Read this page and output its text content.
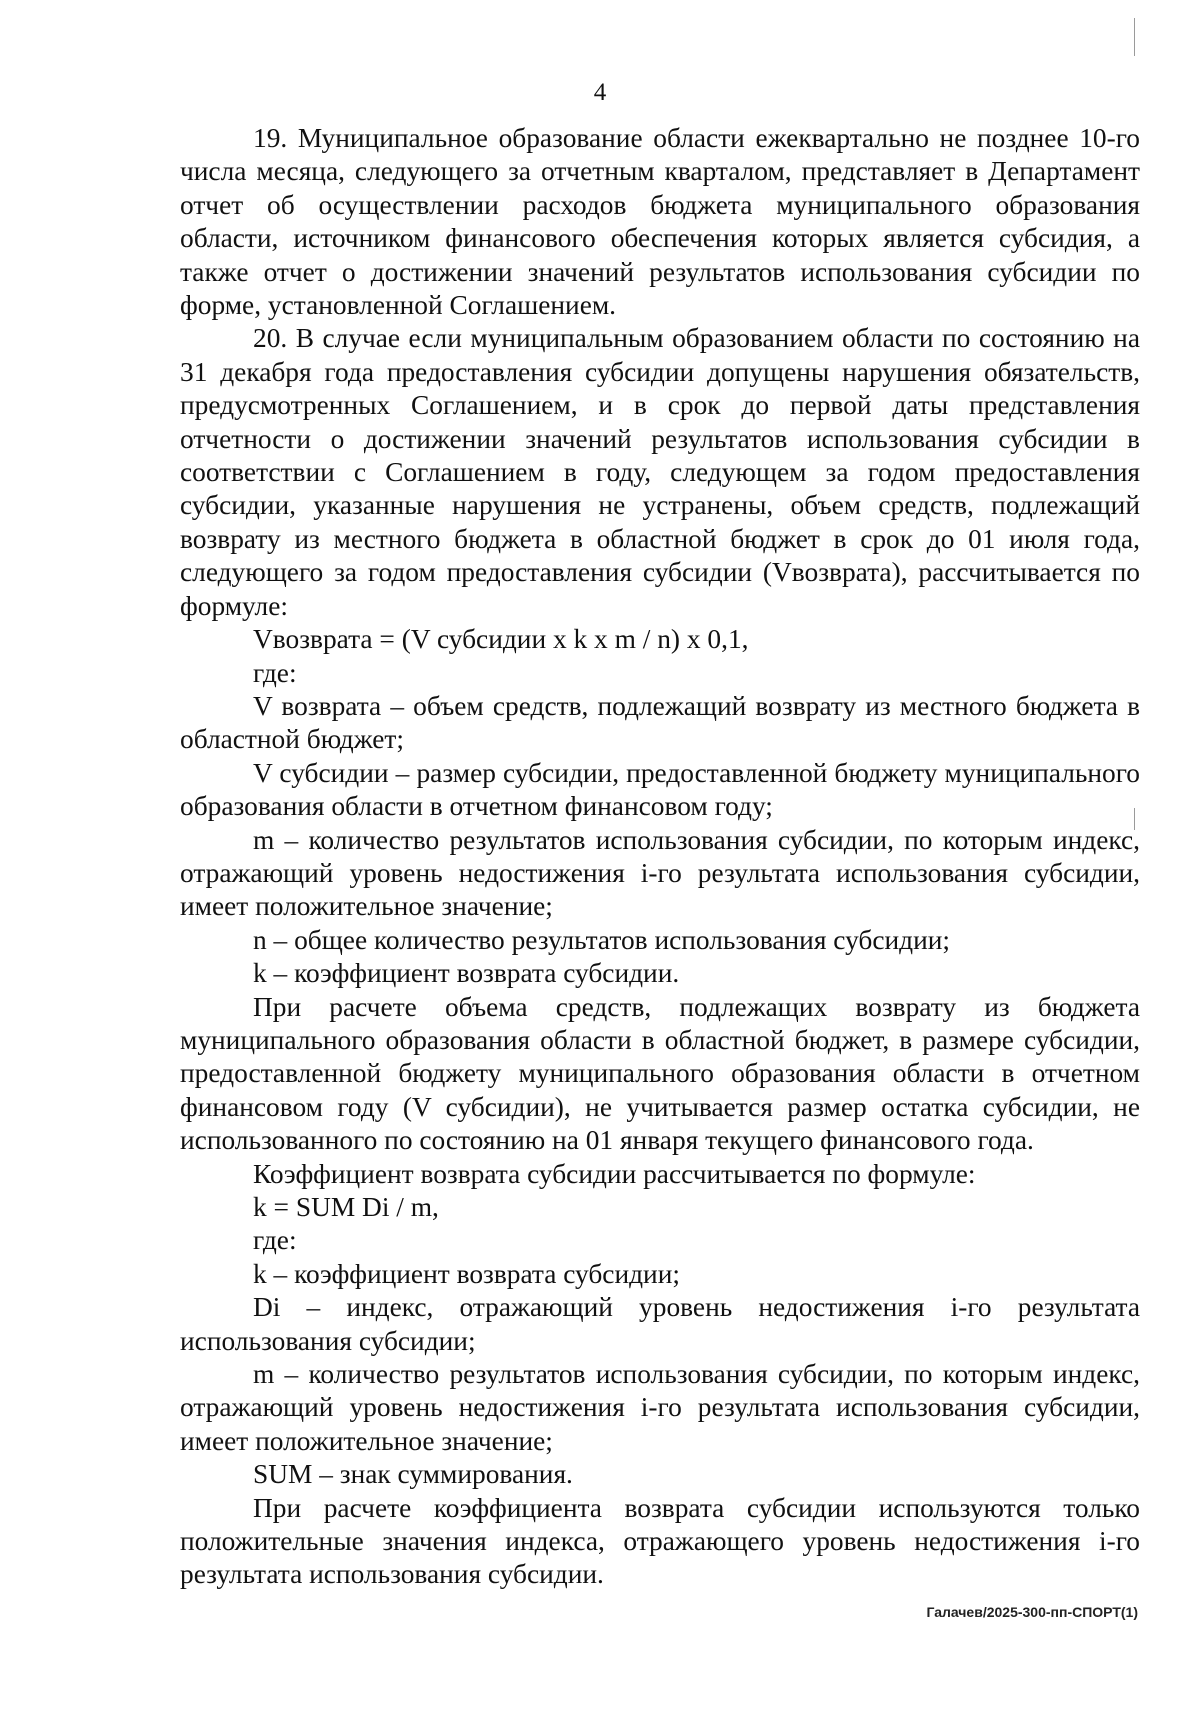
4

19. Муниципальное образование области ежеквартально не позднее 10-го числа месяца, следующего за отчетным кварталом, представляет в Департамент отчет об осуществлении расходов бюджета муниципального образования области, источником финансового обеспечения которых является субсидия, а также отчет о достижении значений результатов использования субсидии по форме, установленной Соглашением.

20. В случае если муниципальным образованием области по состоянию на 31 декабря года предоставления субсидии допущены нарушения обязательств, предусмотренных Соглашением, и в срок до первой даты представления отчетности о достижении значений результатов использования субсидии в соответствии с Соглашением в году, следующем за годом предоставления субсидии, указанные нарушения не устранены, объем средств, подлежащий возврату из местного бюджета в областной бюджет в срок до 01 июля года, следующего за годом предоставления субсидии (Vвозврата), рассчитывается по формуле:

Vвозврата = (V субсидии х k х m / n) х 0,1,

где:

V возврата – объем средств, подлежащий возврату из местного бюджета в областной бюджет;

V субсидии – размер субсидии, предоставленной бюджету муниципального образования области в отчетном финансовом году;

m – количество результатов использования субсидии, по которым индекс, отражающий уровень недостижения i-го результата использования субсидии, имеет положительное значение;

n – общее количество результатов использования субсидии;

k – коэффициент возврата субсидии.

При расчете объема средств, подлежащих возврату из бюджета муниципального образования области в областной бюджет, в размере субсидии, предоставленной бюджету муниципального образования области в отчетном финансовом году (V субсидии), не учитывается размер остатка субсидии, не использованного по состоянию на 01 января текущего финансового года.

Коэффициент возврата субсидии рассчитывается по формуле:

k = SUM Di / m,

где:

k – коэффициент возврата субсидии;

Di – индекс, отражающий уровень недостижения i-го результата использования субсидии;

m – количество результатов использования субсидии, по которым индекс, отражающий уровень недостижения i-го результата использования субсидии, имеет положительное значение;

SUM – знак суммирования.

При расчете коэффициента возврата субсидии используются только положительные значения индекса, отражающего уровень недостижения i-го результата использования субсидии.

Галачев/2025-300-пп-СПОРТ(1)
